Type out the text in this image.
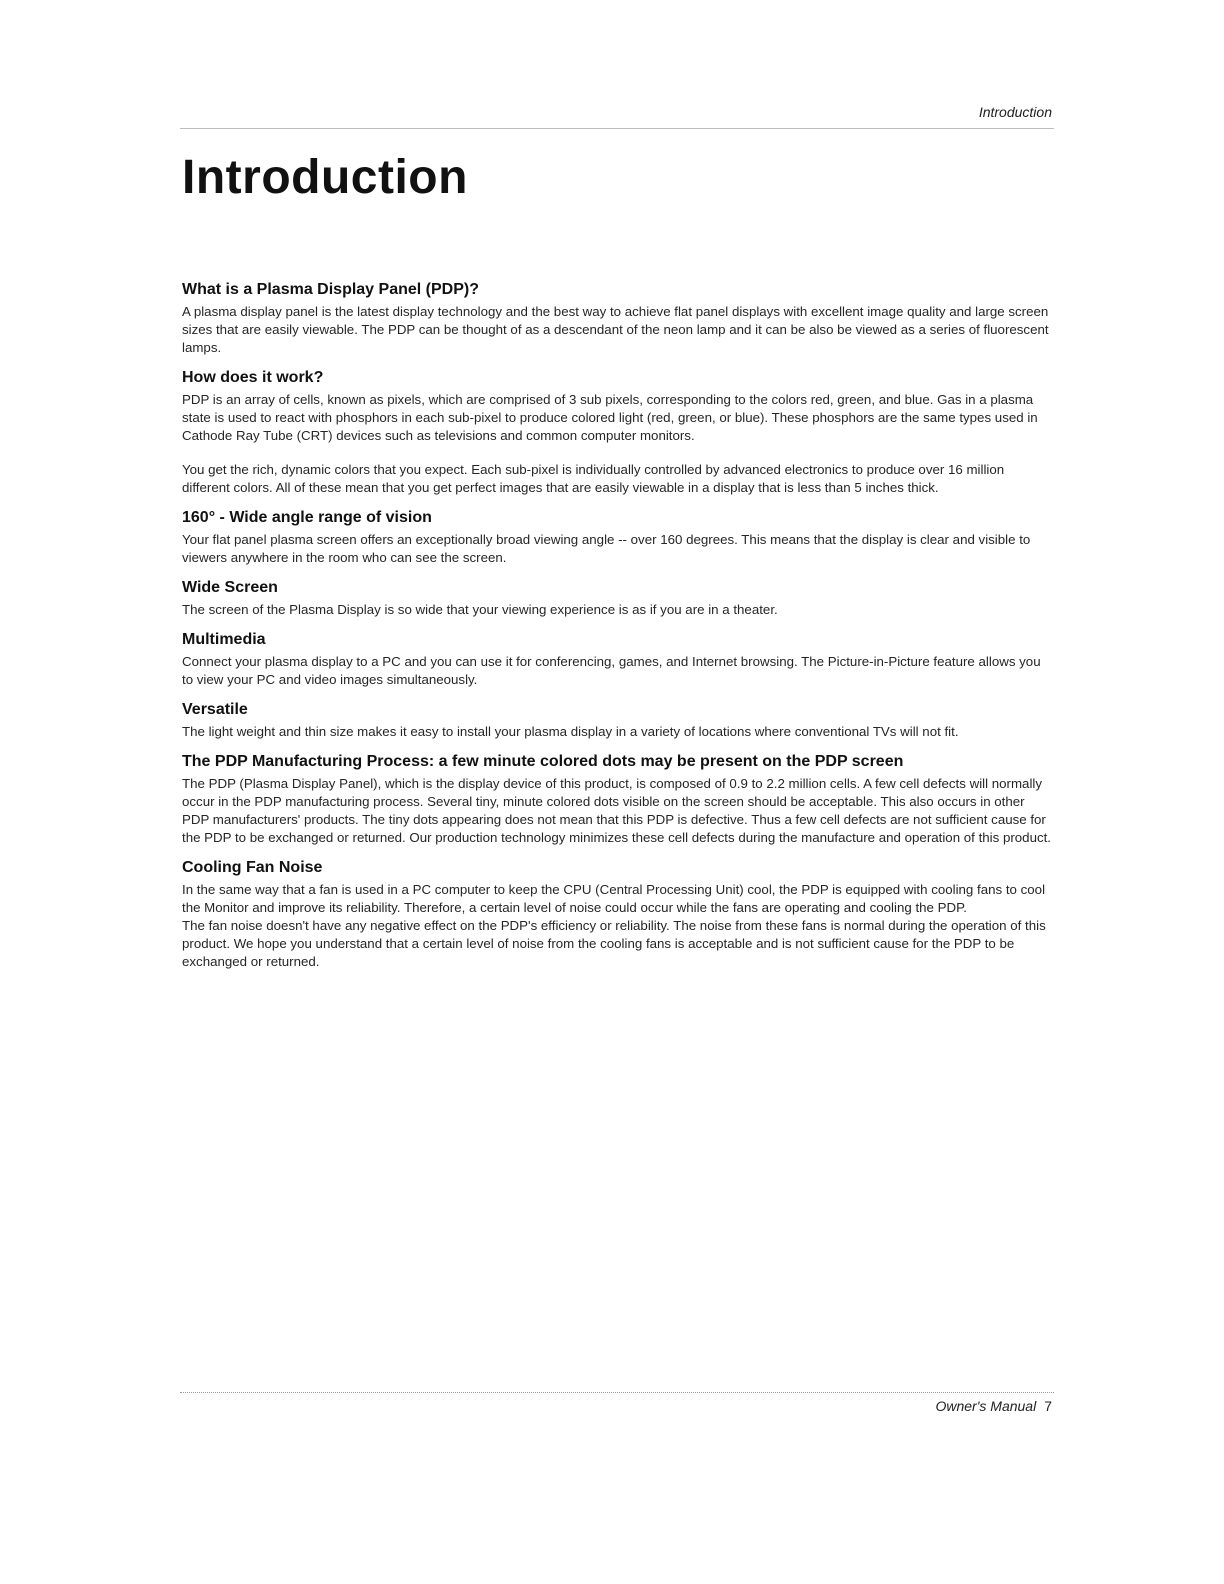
Introduction
Introduction
What is a Plasma Display Panel (PDP)?

A plasma display panel is the latest display technology and the best way to achieve flat panel displays with excellent image quality and large screen sizes that are easily viewable. The PDP can be thought of as a descendant of the neon lamp and it can be also be viewed as a series of fluorescent lamps.

How does it work?

PDP is an array of cells, known as pixels, which are comprised of 3 sub pixels, corresponding to the colors red, green, and blue. Gas in a plasma state is used to react with phosphors in each sub-pixel to produce colored light (red, green, or blue). These phosphors are the same types used in Cathode Ray Tube (CRT) devices such as televisions and common computer monitors.

You get the rich, dynamic colors that you expect. Each sub-pixel is individually controlled by advanced electronics to produce over 16 million different colors. All of these mean that you get perfect images that are easily viewable in a display that is less than 5 inches thick.

160° - Wide angle range of vision

Your flat panel plasma screen offers an exceptionally broad viewing angle -- over 160 degrees. This means that the display is clear and visible to viewers anywhere in the room who can see the screen.

Wide Screen

The screen of the Plasma Display is so wide that your viewing experience is as if you are in a theater.

Multimedia

Connect your plasma display to a PC and you can use it for conferencing, games, and Internet browsing. The Picture-in-Picture feature allows you to view your PC and video images simultaneously.

Versatile

The light weight and thin size makes it easy to install your plasma display in a variety of locations where conventional TVs will not fit.

The PDP Manufacturing Process: a few minute colored dots may be present on the PDP screen

The PDP (Plasma Display Panel), which is the display device of this product, is composed of 0.9 to 2.2 million cells. A few cell defects will normally occur in the PDP manufacturing process. Several tiny, minute colored dots visible on the screen should be acceptable. This also occurs in other PDP manufacturers' products. The tiny dots appearing does not mean that this PDP is defective. Thus a few cell defects are not sufficient cause for the PDP to be exchanged or returned. Our production technology minimizes these cell defects during the manufacture and operation of this product.

Cooling Fan Noise

In the same way that a fan is used in a PC computer to keep the CPU (Central Processing Unit) cool, the PDP is equipped with cooling fans to cool the Monitor and improve its reliability. Therefore, a certain level of noise could occur while the fans are operating and cooling the PDP.

The fan noise doesn't have any negative effect on the PDP's efficiency or reliability. The noise from these fans is normal during the operation of this product. We hope you understand that a certain level of noise from the cooling fans is acceptable and is not sufficient cause for the PDP to be exchanged or returned.

Owner's Manual 7
